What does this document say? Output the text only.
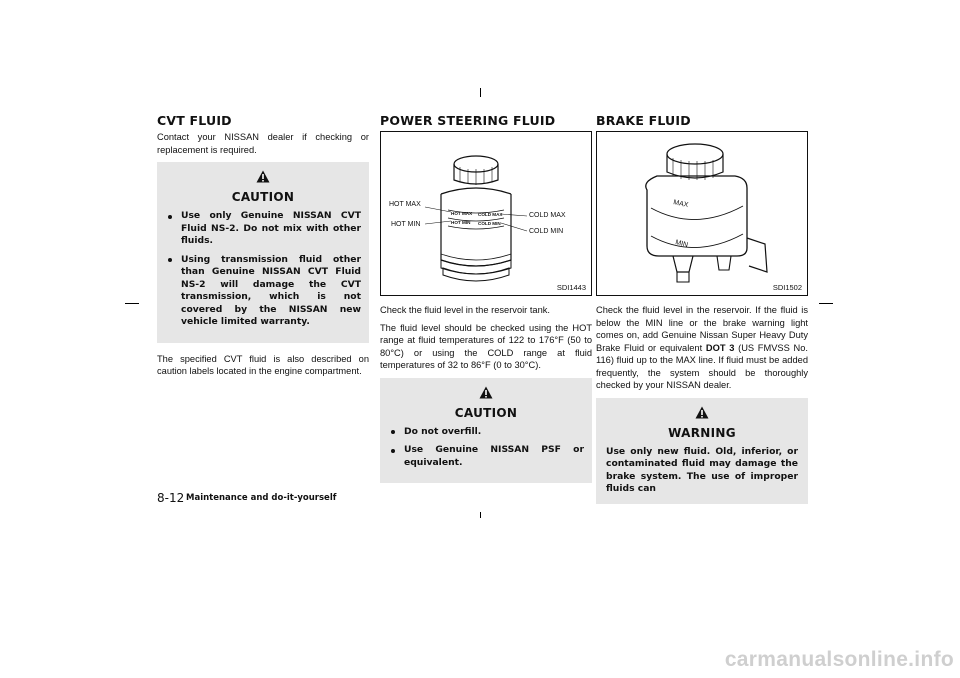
CVT FLUID

Contact your NISSAN dealer if checking or replacement is required.

CAUTION
Use only Genuine NISSAN CVT Fluid NS-2. Do not mix with other fluids.
Using transmission fluid other than Genuine NISSAN CVT Fluid NS-2 will damage the CVT transmission, which is not covered by the NISSAN new vehicle limited warranty.

The specified CVT fluid is also described on caution labels located in the engine compartment.

POWER STEERING FLUID
HOT MAX COLD MAX
HOT MIN COLD MIN
HOT MAX
HOT MIN
COLD MAX
COLD MIN
SDI1443

Check the fluid level in the reservoir tank.

The fluid level should be checked using the HOT range at fluid temperatures of 122 to 176°F (50 to 80°C) or using the COLD range at fluid temperatures of 32 to 86°F (0 to 30°C).

CAUTION
Do not overfill.
Use Genuine NISSAN PSF or equivalent.
BRAKE FLUID
MAX
MIN
SDI1502

Check the fluid level in the reservoir. If the fluid is below the MIN line or the brake warning light comes on, add Genuine Nissan Super Heavy Duty Brake Fluid or equivalent DOT 3 (US FMVSS No. 116) fluid up to the MAX line. If fluid must be added frequently, the system should be thoroughly checked by your NISSAN dealer.

WARNING
Use only new fluid. Old, inferior, or contaminated fluid may damage the brake system. The use of improper fluids can
8-12 Maintenance and do-it-yourself
carmanualsonline.info
